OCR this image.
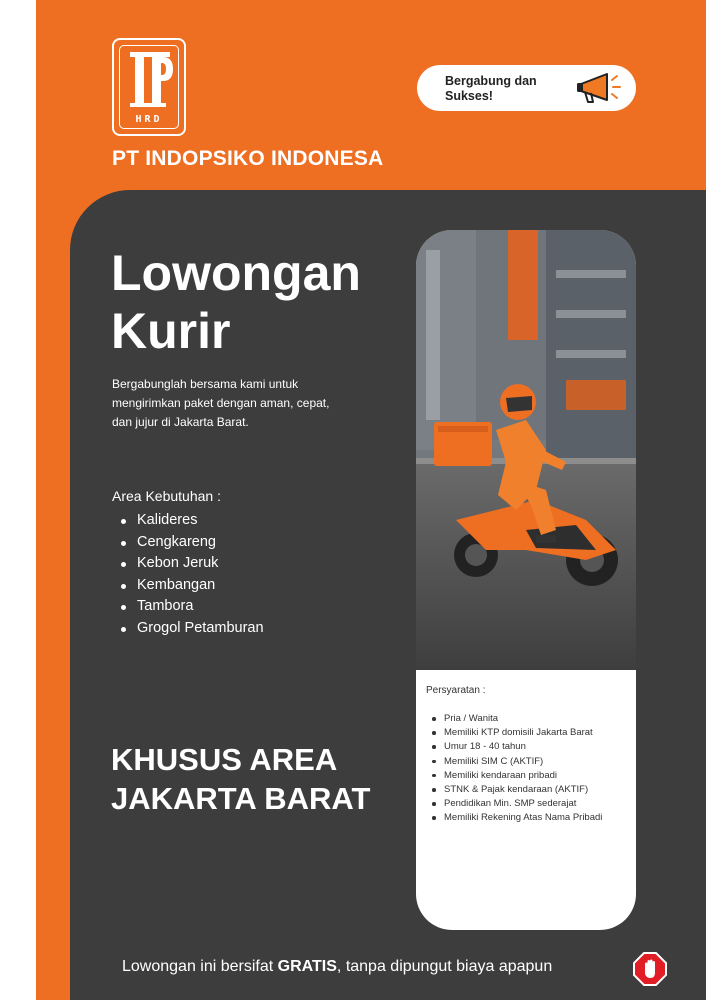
HRD
PT INDOPSIKO INDONESA
Bergabung dan
Sukses!
Lowongan
Kurir
Bergabunglah bersama kami untuk
mengirimkan paket dengan aman, cepat,
dan jujur di Jakarta Barat.
Area Kebutuhan :
Kalideres
Cengkareng
Kebon Jeruk
Kembangan
Tambora
Grogol Petamburan
KHUSUS AREA
JAKARTA BARAT
Persyaratan :
Pria / Wanita
Memiliki KTP domisili Jakarta Barat
Umur 18 - 40 tahun
Memiliki SIM C (AKTIF)
Memiliki kendaraan pribadi
STNK & Pajak kendaraan (AKTIF)
Pendidikan Min. SMP sederajat
Memiliki Rekening Atas Nama Pribadi
Lowongan ini bersifat GRATIS, tanpa dipungut biaya apapun
